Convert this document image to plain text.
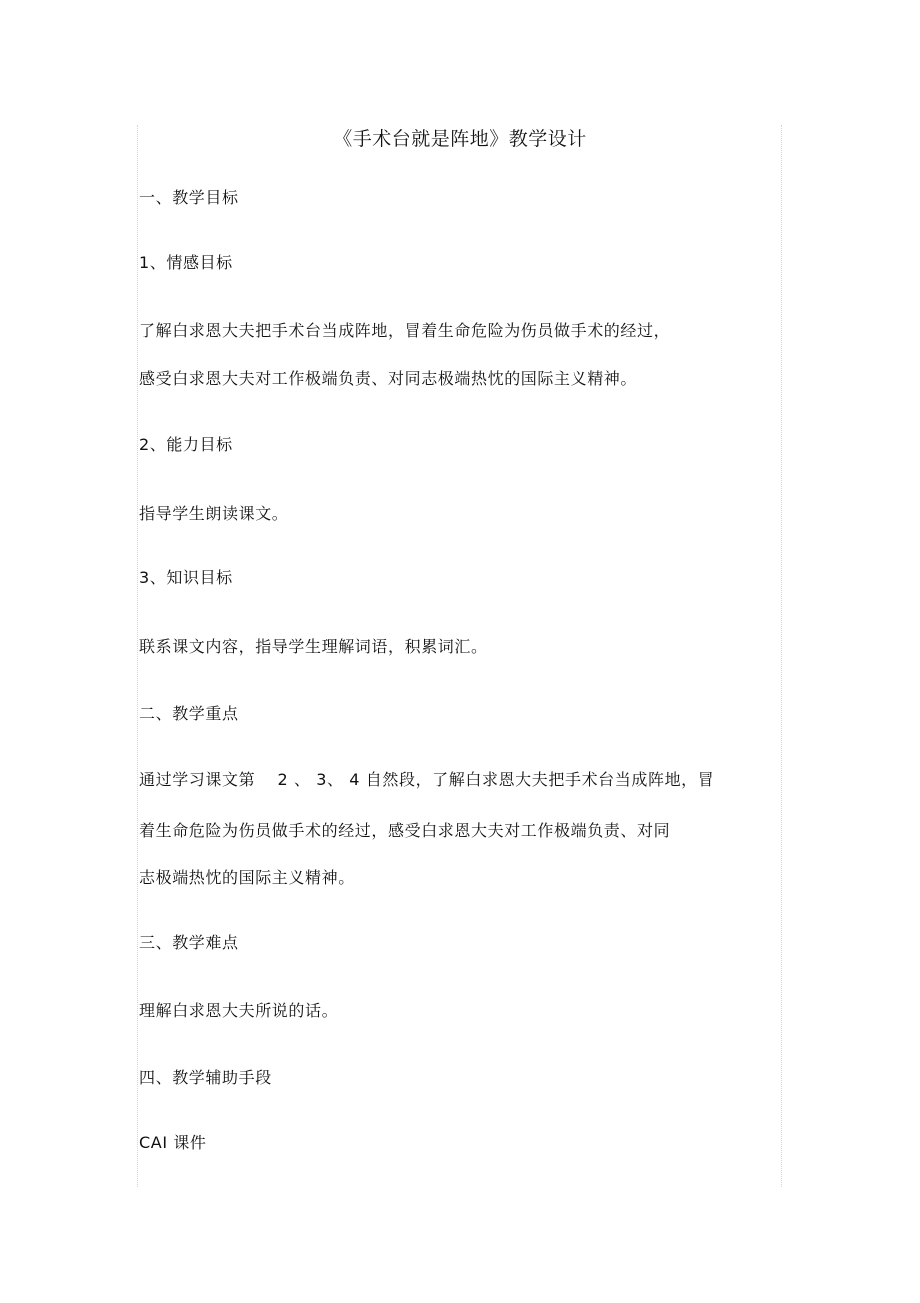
《手术台就是阵地》教学设计
一、教学目标
1、情感目标
了解白求恩大夫把手术台当成阵地，冒着生命危险为伤员做手术的经过，
感受白求恩大夫对工作极端负责、对同志极端热忱的国际主义精神。
2、能力目标
指导学生朗读课文。
3、知识目标
联系课文内容，指导学生理解词语，积累词汇。
二、教学重点
通过学习课文第　 2 、 3、 4 自然段，了解白求恩大夫把手术台当成阵地，冒
着生命危险为伤员做手术的经过，感受白求恩大夫对工作极端负责、对同
志极端热忱的国际主义精神。
三、教学难点
理解白求恩大夫所说的话。
四、教学辅助手段
CAI 课件
